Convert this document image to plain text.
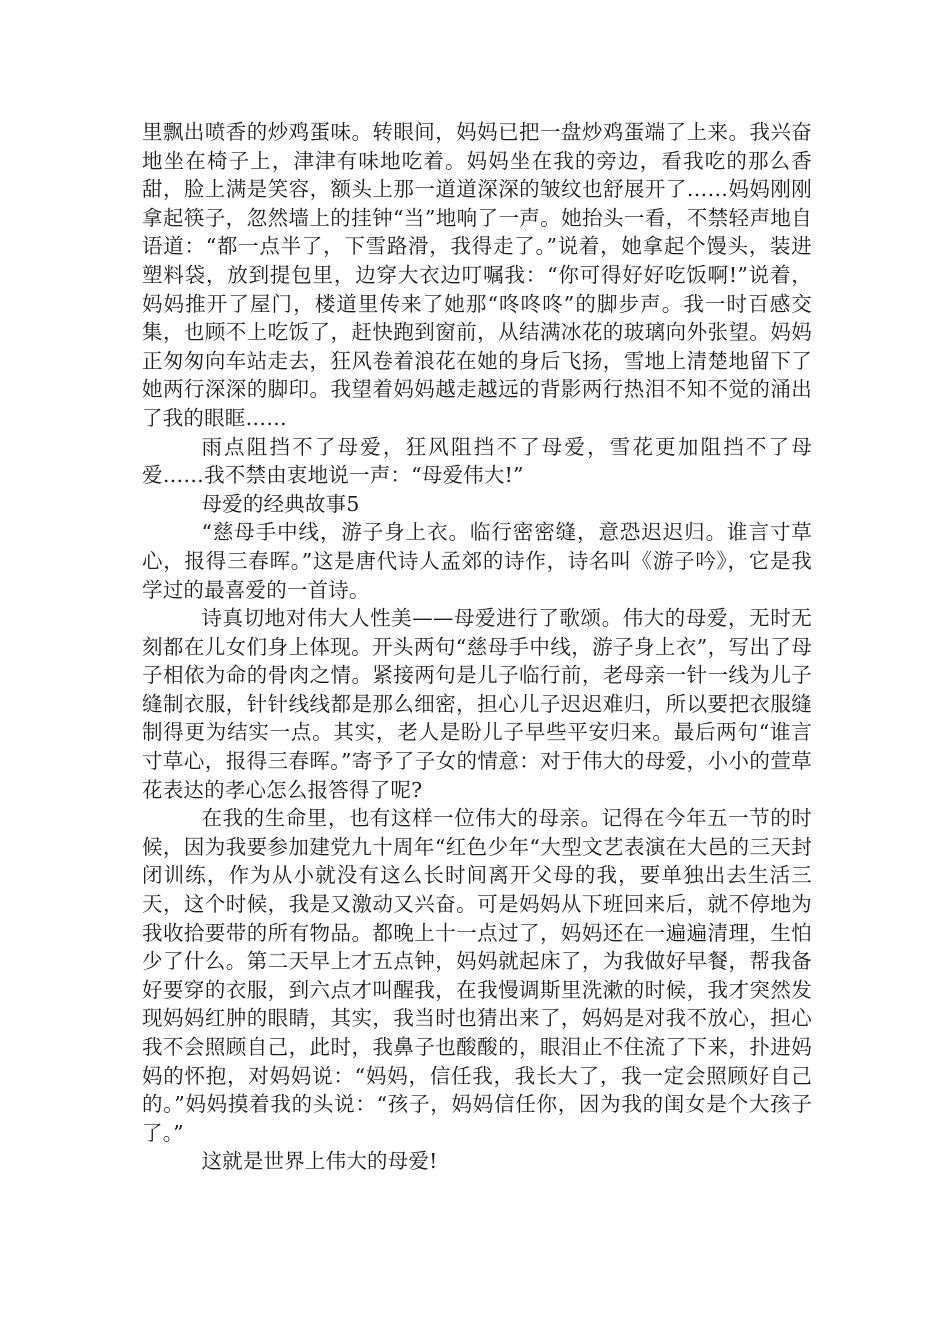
里飘出喷香的炒鸡蛋味。转眼间，妈妈已把一盘炒鸡蛋端了上来。我兴奋地坐在椅子上，津津有味地吃着。妈妈坐在我的旁边，看我吃的那么香甜，脸上满是笑容，额头上那一道道深深的皱纹也舒展开了……妈妈刚刚拿起筷子，忽然墙上的挂钟“当”地响了一声。她抬头一看，不禁轻声地自语道：“都一点半了，下雪路滑，我得走了。”说着，她拿起个馒头，装进塑料袋，放到提包里，边穿大衣边叮嘱我：“你可得好好吃饭啊!”说着，妈妈推开了屋门，楼道里传来了她那“咚咚咚”的脚步声。我一时百感交集，也顾不上吃饭了，赶快跑到窗前，从结满冰花的玻璃向外张望。妈妈正匆匆向车站走去，狂风卷着浪花在她的身后飞扬，雪地上清楚地留下了她两行深深的脚印。我望着妈妈越走越远的背影两行热泪不知不觉的涌出了我的眼眶……

雨点阻挡不了母爱，狂风阻挡不了母爱，雪花更加阻挡不了母爱……我不禁由衷地说一声：“母爱伟大!”

母爱的经典故事5

“慈母手中线，游子身上衣。临行密密缝，意恐迟迟归。谁言寸草心，报得三春晖。”这是唐代诗人孟郊的诗作，诗名叫《游子吟》，它是我学过的最喜爱的一首诗。

诗真切地对伟大人性美——母爱进行了歌颂。伟大的母爱，无时无刻都在儿女们身上体现。开头两句“慈母手中线，游子身上衣”，写出了母子相依为命的骨肉之情。紧接两句是儿子临行前，老母亲一针一线为儿子缝制衣服，针针线线都是那么细密，担心儿子迟迟难归，所以要把衣服缝制得更为结实一点。其实，老人是盼儿子早些平安归来。最后两句“谁言寸草心，报得三春晖。”寄予了子女的情意：对于伟大的母爱，小小的萱草花表达的孝心怎么报答得了呢?

在我的生命里，也有这样一位伟大的母亲。记得在今年五一节的时候，因为我要参加建党九十周年“红色少年“大型文艺表演在大邑的三天封闭训练，作为从小就没有这么长时间离开父母的我，要单独出去生活三天，这个时候，我是又激动又兴奋。可是妈妈从下班回来后，就不停地为我收拾要带的所有物品。都晚上十一点过了，妈妈还在一遍遍清理，生怕少了什么。第二天早上才五点钟，妈妈就起床了，为我做好早餐，帮我备好要穿的衣服，到六点才叫醒我，在我慢调斯里洗漱的时候，我才突然发现妈妈红肿的眼睛，其实，我当时也猜出来了，妈妈是对我不放心，担心我不会照顾自己，此时，我鼻子也酸酸的，眼泪止不住流了下来，扑进妈妈的怀抱，对妈妈说：“妈妈，信任我，我长大了，我一定会照顾好自己的。”妈妈摸着我的头说：“孩子，妈妈信任你，因为我的闺女是个大孩子了。”

这就是世界上伟大的母爱!
